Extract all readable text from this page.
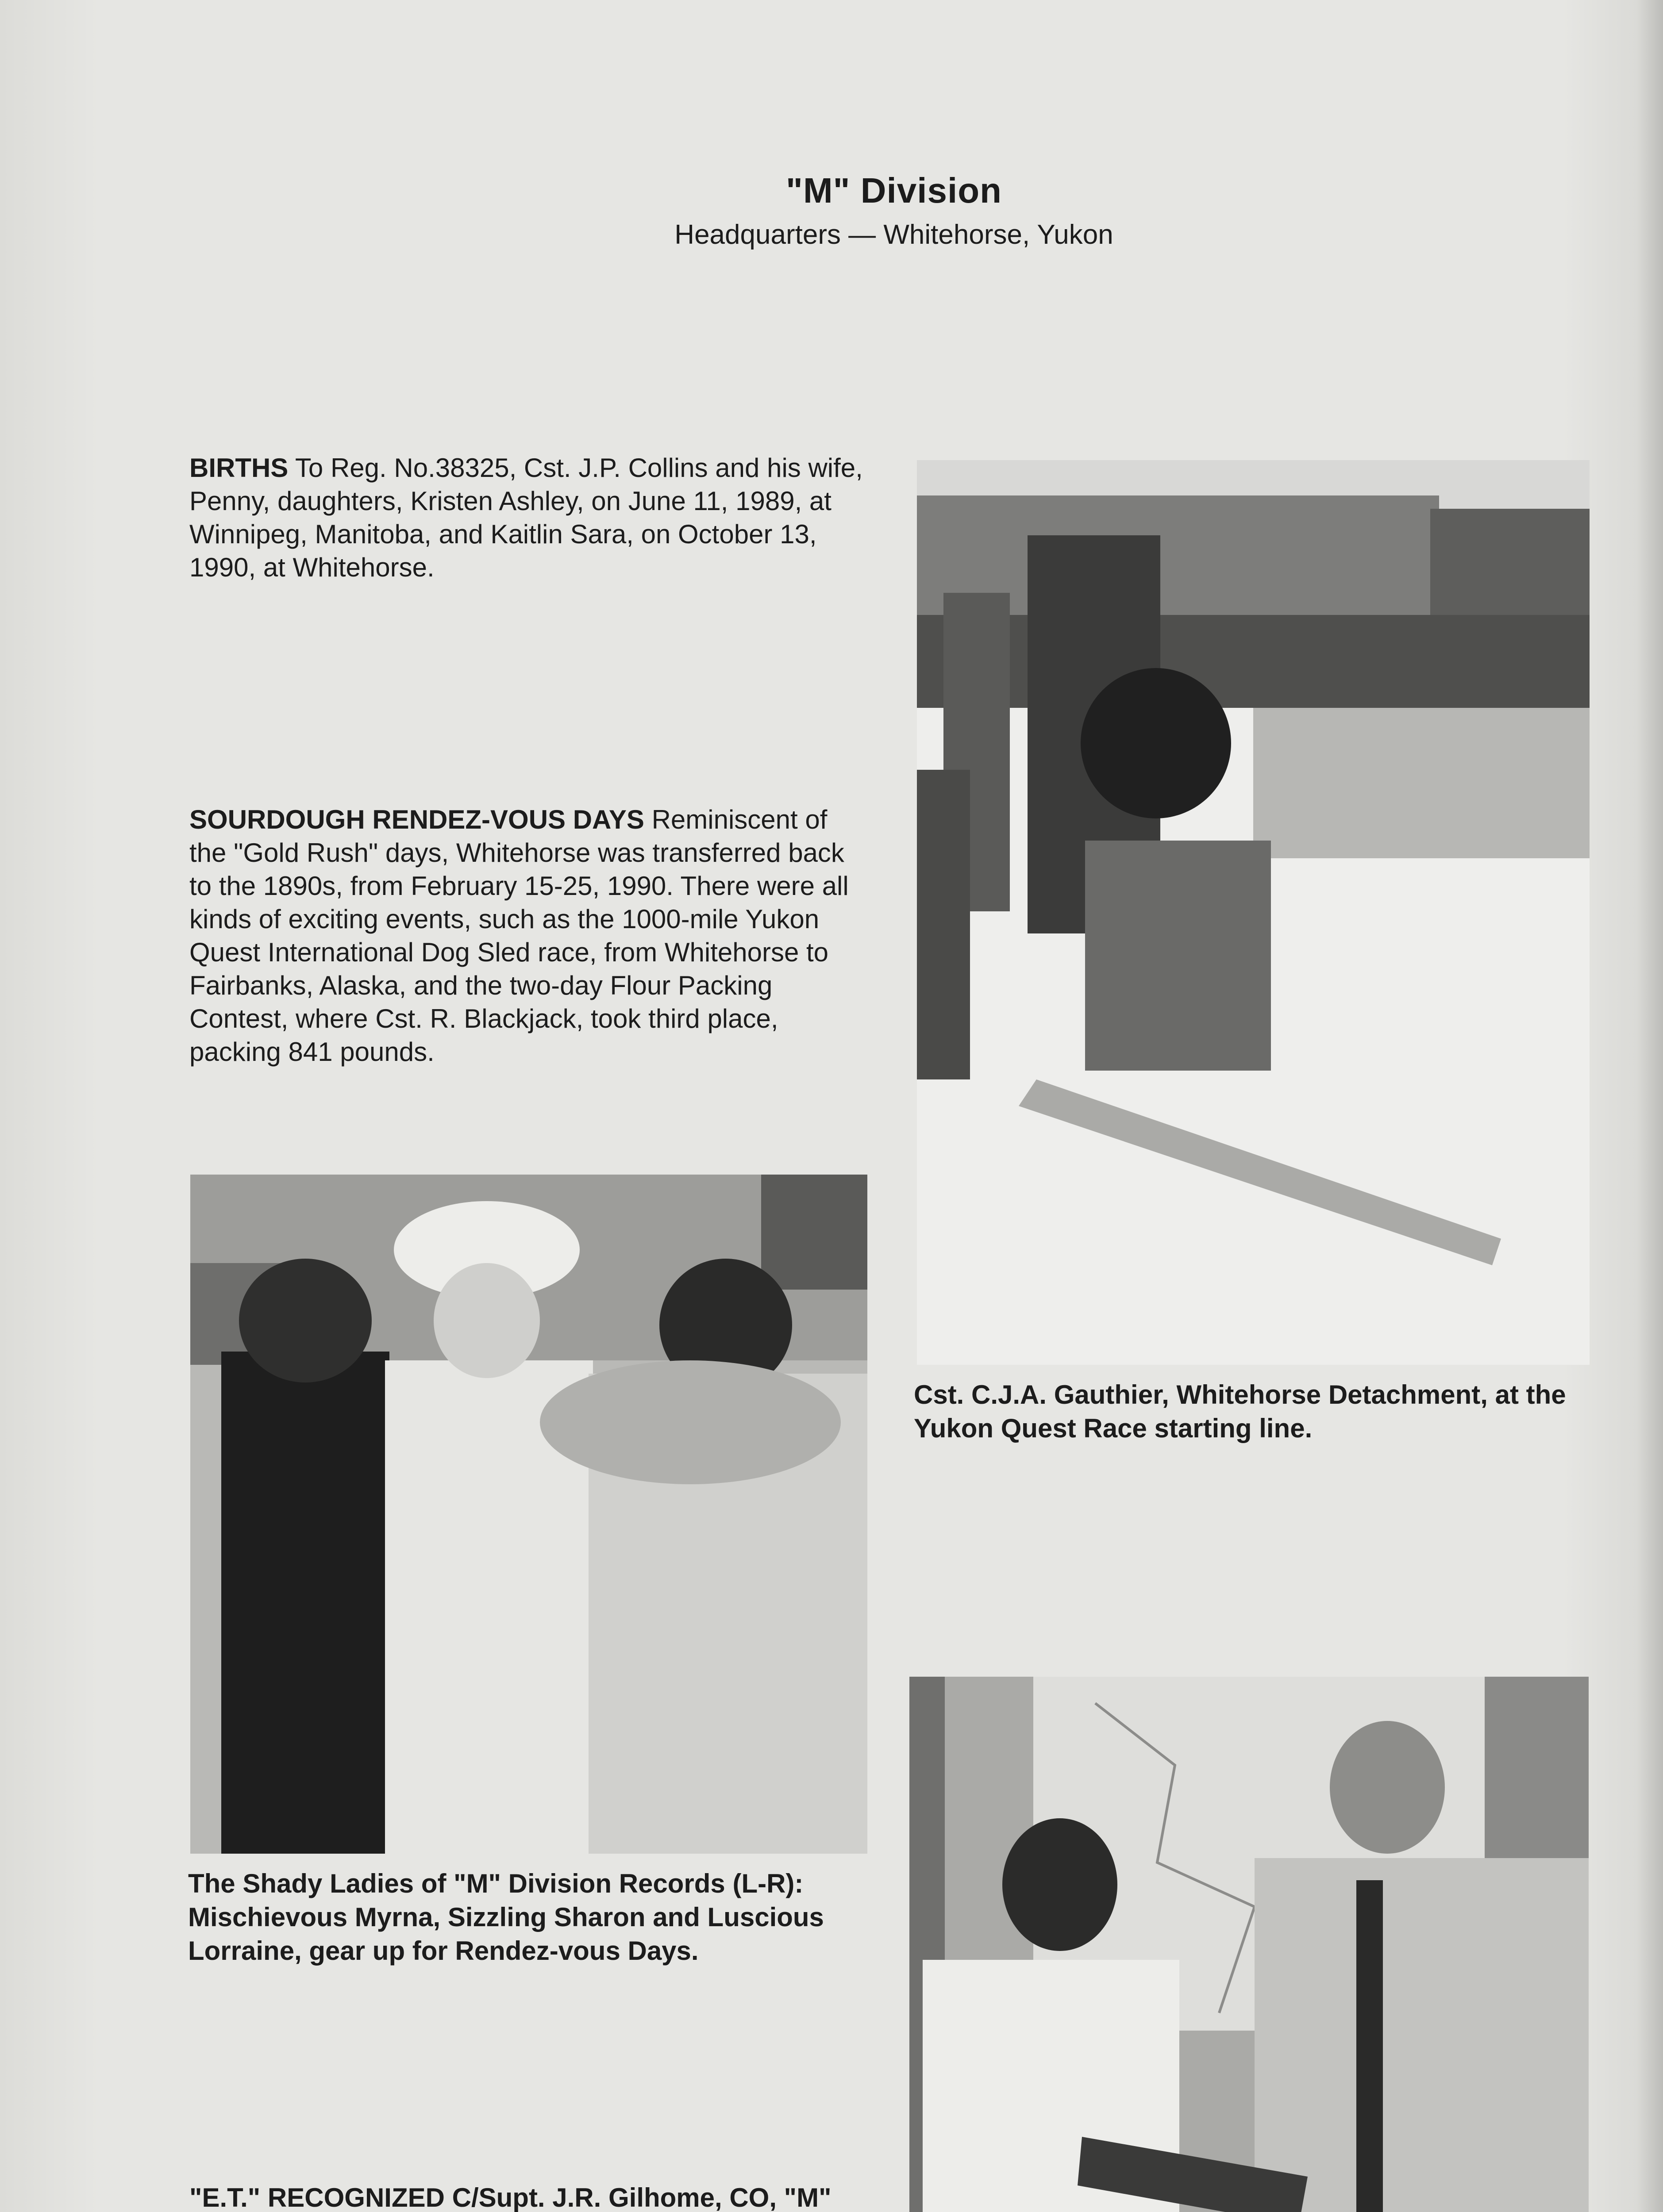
"M" Division
Headquarters — Whitehorse, Yukon
BIRTHS To Reg. No.38325, Cst. J.P. Collins and his wife, Penny, daughters, Kristen Ashley, on June 11, 1989, at Winnipeg, Manitoba, and Kaitlin Sara, on October 13, 1990, at Whitehorse.
SOURDOUGH RENDEZ-VOUS DAYS Reminiscent of the "Gold Rush" days, Whitehorse was transferred back to the 1890s, from February 15-25, 1990. There were all kinds of exciting events, such as the 1000-mile Yukon Quest International Dog Sled race, from Whitehorse to Fairbanks, Alaska, and the two-day Flour Packing Contest, where Cst. R. Blackjack, took third place, packing 841 pounds.
Cst. C.J.A. Gauthier, Whitehorse Detachment, at the Yukon Quest Race starting line.
The Shady Ladies of "M" Division Records (L-R): Mischievous Myrna, Sizzling Sharon and Luscious Lorraine, gear up for Rendez-vous Days.
"E.T." RECOGNIZED C/Supt. J.R. Gilhome, CO, "M"
